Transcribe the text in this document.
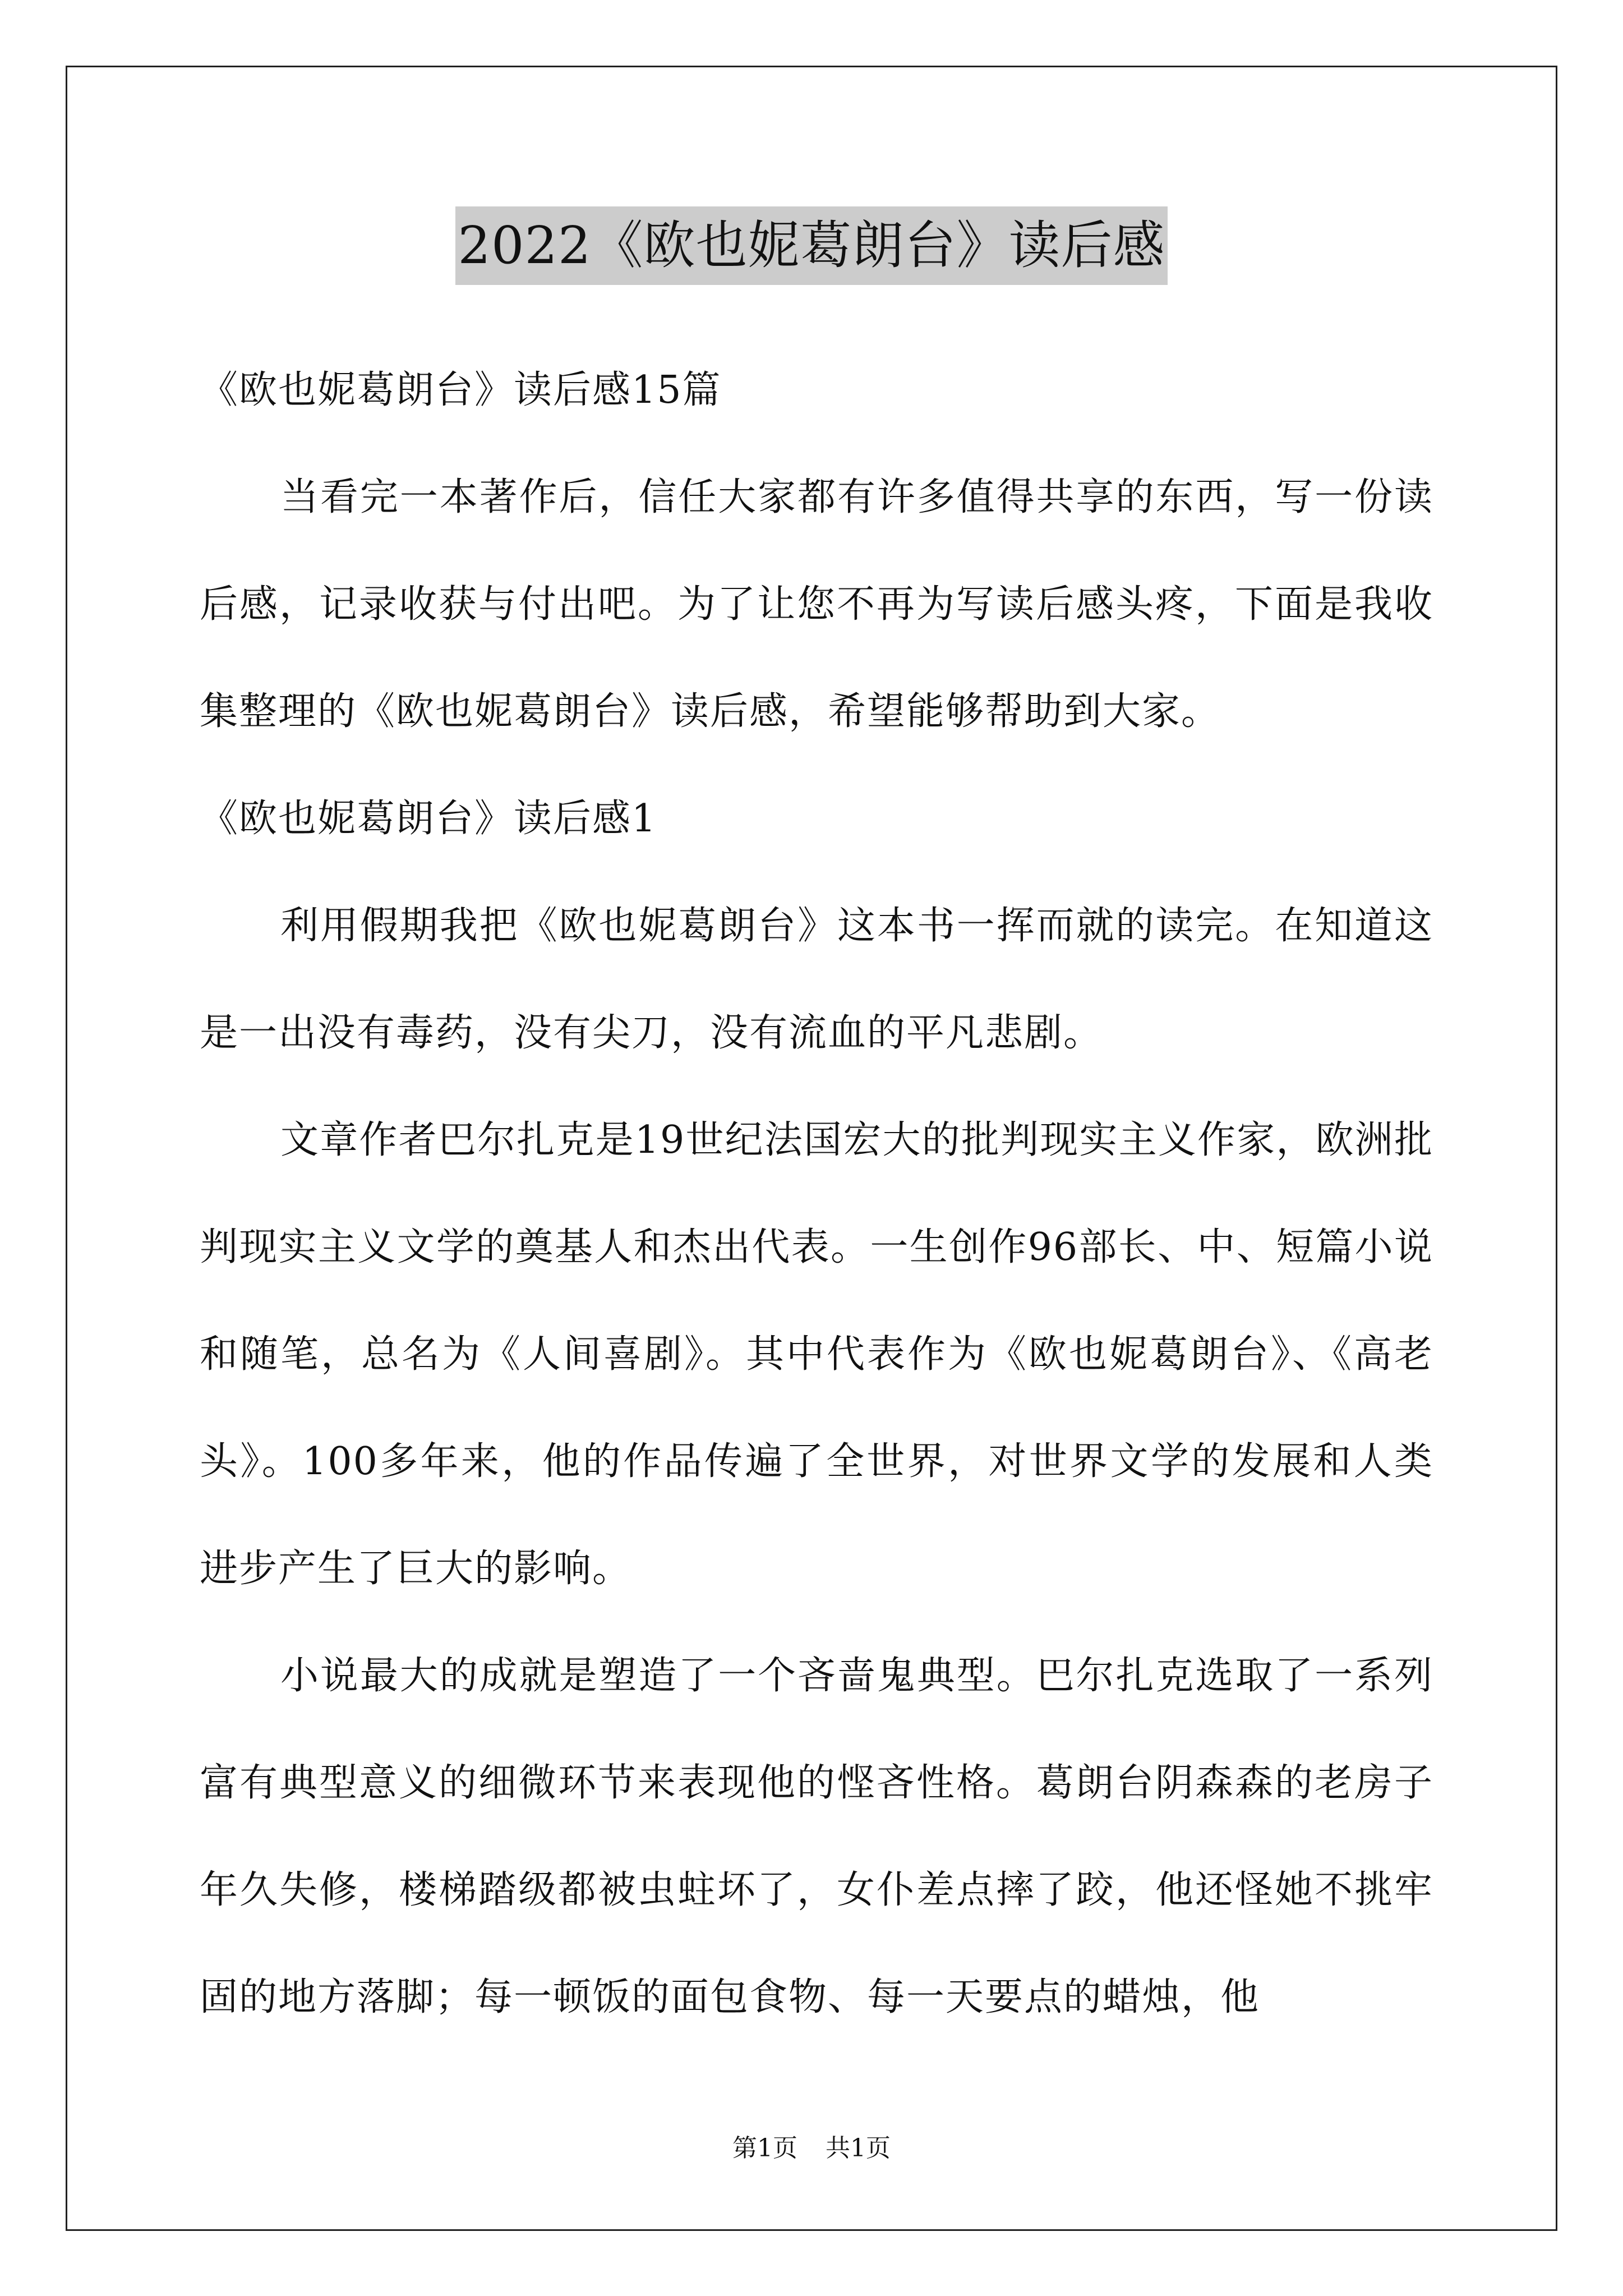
2022《欧也妮葛朗台》读后感

《欧也妮葛朗台》读后感15篇

当看完一本著作后，信任大家都有许多值得共享的东西，写一份读后感，记录收获与付出吧。为了让您不再为写读后感头疼，下面是我收集整理的《欧也妮葛朗台》读后感，希望能够帮助到大家。

《欧也妮葛朗台》读后感1

利用假期我把《欧也妮葛朗台》这本书一挥而就的读完。在知道这是一出没有毒药，没有尖刀，没有流血的平凡悲剧。

文章作者巴尔扎克是19世纪法国宏大的批判现实主义作家，欧洲批判现实主义文学的奠基人和杰出代表。一生创作96部长、中、短篇小说和随笔，总名为《人间喜剧》。其中代表作为《欧也妮葛朗台》、《高老头》。100多年来，他的作品传遍了全世界，对世界文学的发展和人类进步产生了巨大的影响。

小说最大的成就是塑造了一个吝啬鬼典型。巴尔扎克选取了一系列富有典型意义的细微环节来表现他的悭吝性格。葛朗台阴森森的老房子年久失修，楼梯踏级都被虫蛀坏了，女仆差点摔了跤，他还怪她不挑牢固的地方落脚；每一顿饭的面包食物、每一天要点的蜡烛，他

第1页 共1页
